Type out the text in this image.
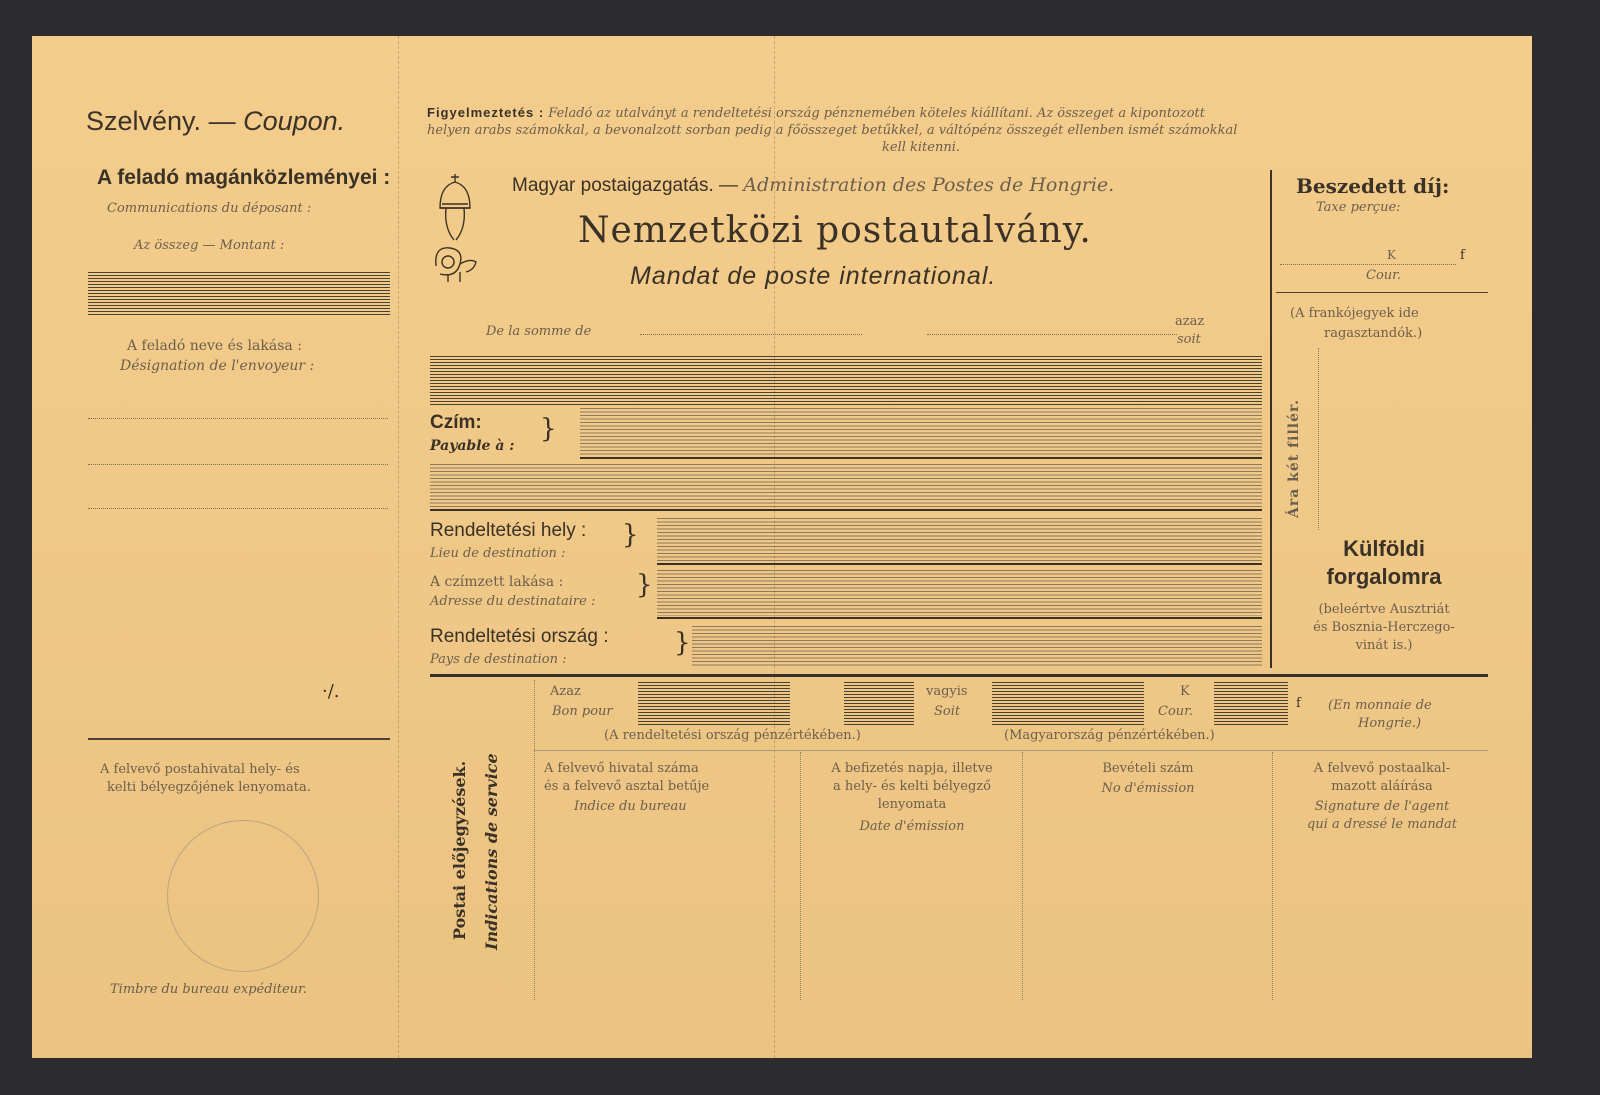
Szelvény. — Coupon.
A feladó magánközleményei :
Communications du déposant :
Az összeg — Montant :
A feladó neve és lakása :
Désignation de l'envoyeur :
·/.
A felvevő postahivatal hely- és
kelti bélyegzőjének lenyomata.
Timbre du bureau expéditeur.
Figyelmeztetés : Feladó az utalványt a rendeltetési ország pénznemében köteles kiállítani. Az összeget a kipontozott
helyen arabs számokkal, a bevonalzott sorban pedig a főösszeget betűkkel, a váltópénz összegét ellenben ismét számokkal
kell kitenni.
Magyar postaigazgatás. — Administration des Postes de Hongrie.
Nemzetközi postautalvány.
Mandat de poste international.
De la somme de
azaz
soit
Czím:
Payable à :
}
Rendeltetési hely :
Lieu de destination :
}
A czímzett lakása :
Adresse du destinataire :
}
Rendeltetési ország :
Pays de destination :
}
Beszedett díj:
Taxe perçue:
K	f
Cour.
(A frankójegyek ide
ragasztandók.)
Ára két fillér.
Külföldi
forgalomra
(beleértve Ausztriát
és Bosznia-Herczego-
vinát is.)
Postai előjegyzések. Indications de service
Azaz
Bon pour
vagyis
Soit
K
Cour.
f (En monnaie de
Hongrie.)
(A rendeltetési ország pénzértékében.)	(Magyarország pénzértékében.)
A felvevő hivatal száma
és a felvevő asztal betűje
Indice du bureau
A befizetés napja, illetve
a hely- és kelti bélyegző
lenyomata
Date d'émission
Bevételi szám
No d'émission
A felvevő postaalkal-
mazott aláírása
Signature de l'agent
qui a dressé le mandat
